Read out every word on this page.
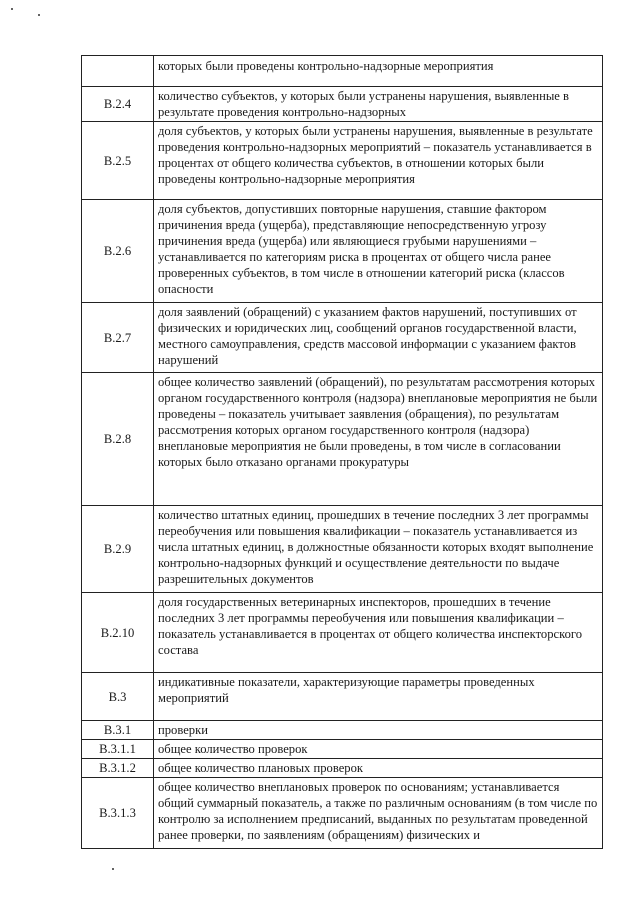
	которых были проведены контрольно-надзорные мероприятия
В.2.4	количество субъектов, у которых были устранены нарушения, выявленные в результате проведения контрольно-надзорных
В.2.5	доля субъектов, у которых были устранены нарушения, выявленные в результате проведения контрольно-надзорных мероприятий – показатель устанавливается в процентах от общего количества субъектов, в отношении которых были проведены контрольно-надзорные мероприятия
В.2.6	доля субъектов, допустивших повторные нарушения, ставшие фактором причинения вреда (ущерба), представляющие непосредственную угрозу причинения вреда (ущерба) или являющиеся грубыми нарушениями – устанавливается по категориям риска в процентах от общего числа ранее проверенных субъектов, в том числе в отношении категорий риска (классов опасности
В.2.7	доля заявлений (обращений) с указанием фактов нарушений, поступивших от физических и юридических лиц, сообщений органов государственной власти, местного самоуправления, средств массовой информации с указанием фактов нарушений
В.2.8	общее количество заявлений (обращений), по результатам рассмотрения которых органом государственного контроля (надзора) внеплановые мероприятия не были проведены – показатель учитывает заявления (обращения), по результатам рассмотрения которых органом государственного контроля (надзора) внеплановые мероприятия не были проведены, в том числе в согласовании которых было отказано органами прокуратуры
В.2.9	количество штатных единиц, прошедших в течение последних 3 лет программы переобучения или повышения квалификации – показатель устанавливается из числа штатных единиц, в должностные обязанности которых входят выполнение контрольно-надзорных функций и осуществление деятельности по выдаче разрешительных документов
В.2.10	доля государственных ветеринарных инспекторов, прошедших в течение последних 3 лет программы переобучения или повышения квалификации – показатель устанавливается в процентах от общего количества инспекторского состава
В.3	индикативные показатели, характеризующие параметры проведенных мероприятий
В.3.1	проверки
В.3.1.1	общее количество проверок
В.3.1.2	общее количество плановых проверок
В.3.1.3	общее количество внеплановых проверок по основаниям; устанавливается общий суммарный показатель, а также по различным основаниям (в том числе по контролю за исполнением предписаний, выданных по результатам проведенной ранее проверки, по заявлениям (обращениям) физических и
